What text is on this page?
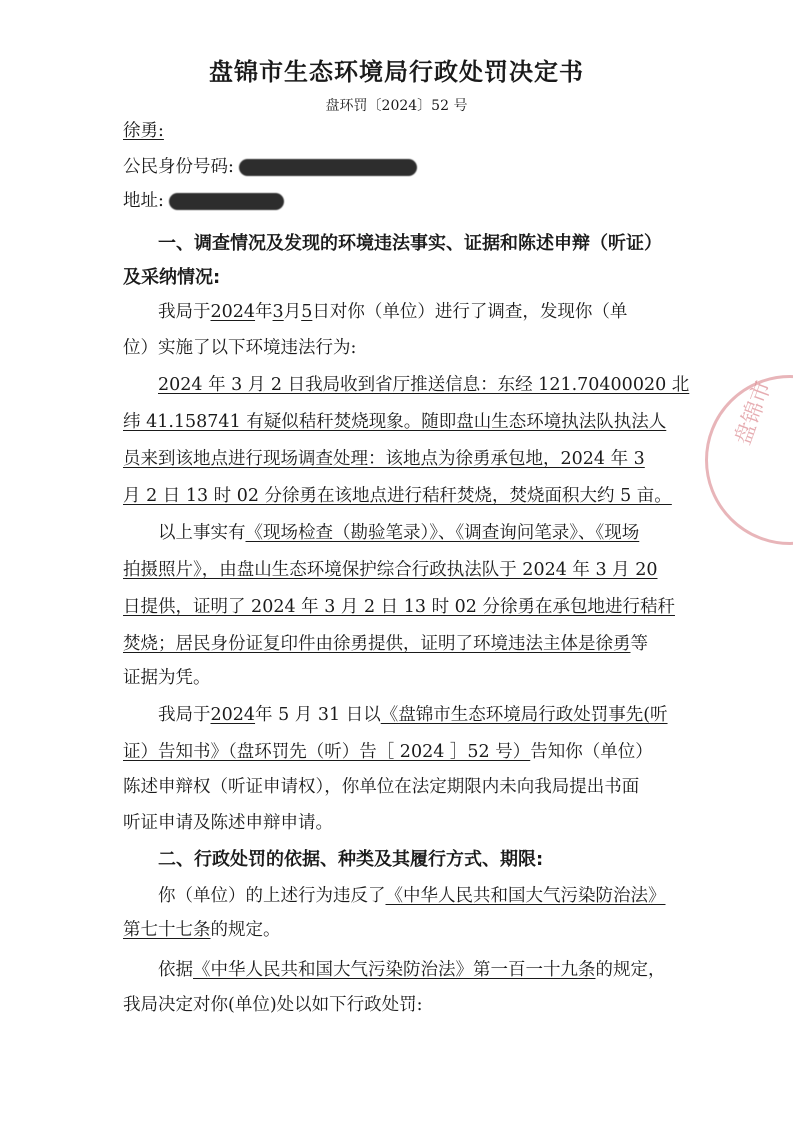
盘锦市
盘锦市生态环境局行政处罚决定书
盘环罚〔2024〕52 号
徐勇:
公民身份号码:
地址:
一、调查情况及发现的环境违法事实、证据和陈述申辩（听证）
及采纳情况:
我局于2024年3月5日对你（单位）进行了调查，发现你（单
位）实施了以下环境违法行为:
2024 年 3 月 2 日我局收到省厅推送信息：东经 121.70400020 北
纬 41.158741 有疑似秸秆焚烧现象。随即盘山生态环境执法队执法人
员来到该地点进行现场调查处理：该地点为徐勇承包地，2024 年 3
月 2 日 13 时 02 分徐勇在该地点进行秸秆焚烧，焚烧面积大约 5 亩。
以上事实有《现场检查（勘验笔录）》、《调查询问笔录》、《现场
拍摄照片》，由盘山生态环境保护综合行政执法队于 2024 年 3 月 20
日提供，证明了 2024 年 3 月 2 日 13 时 02 分徐勇在承包地进行秸秆
焚烧；居民身份证复印件由徐勇提供，证明了环境违法主体是徐勇等
证据为凭。
我局于2024年 5 月 31 日以《盘锦市生态环境局行政处罚事先(听
证）告知书》（盘环罚先（听）告［ 2024 ］52 号）告知你（单位）
陈述申辩权（听证申请权），你单位在法定期限内未向我局提出书面
听证申请及陈述申辩申请。
二、行政处罚的依据、种类及其履行方式、期限:
你（单位）的上述行为违反了《中华人民共和国大气污染防治法》
第七十七条的规定。
依据《中华人民共和国大气污染防治法》第一百一十九条的规定，
我局决定对你(单位)处以如下行政处罚:
